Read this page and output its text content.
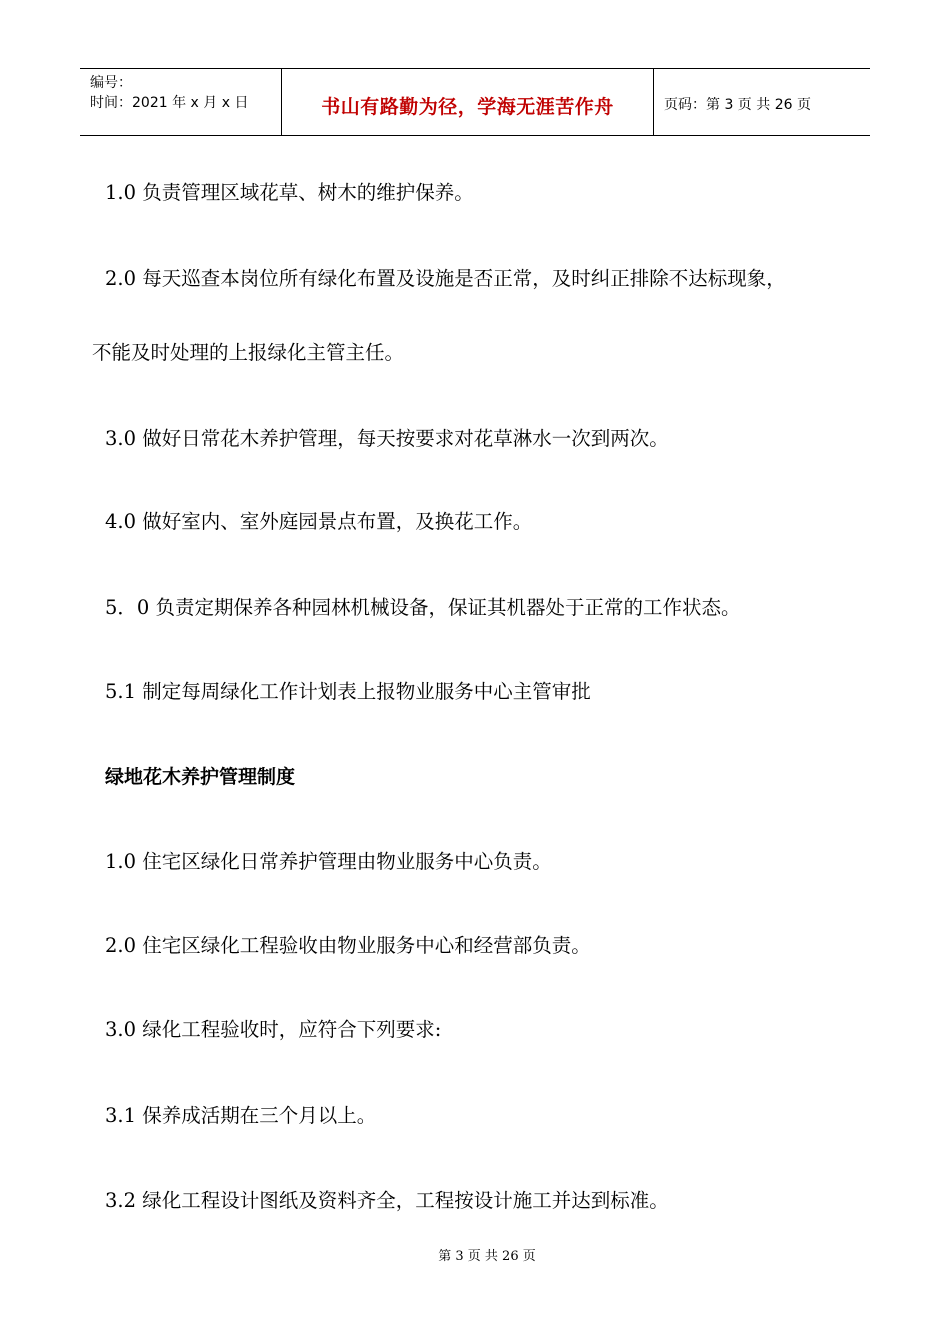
编号：
时间：2021 年 x 月 x 日	书山有路勤为径，学海无涯苦作舟	页码：第 3 页 共 26 页
1.0 负责管理区域花草、树木的维护保养。
2.0 每天巡查本岗位所有绿化布置及设施是否正常，及时纠正排除不达标现象，
不能及时处理的上报绿化主管主任。
3.0 做好日常花木养护管理，每天按要求对花草淋水一次到两次。
4.0 做好室内、室外庭园景点布置，及换花工作。
5．0 负责定期保养各种园林机械设备，保证其机器处于正常的工作状态。
5.1 制定每周绿化工作计划表上报物业服务中心主管审批
绿地花木养护管理制度
1.0 住宅区绿化日常养护管理由物业服务中心负责。
2.0 住宅区绿化工程验收由物业服务中心和经营部负责。
3.0 绿化工程验收时，应符合下列要求:
3.1 保养成活期在三个月以上。
3.2 绿化工程设计图纸及资料齐全，工程按设计施工并达到标准。
第 3 页 共 26 页
